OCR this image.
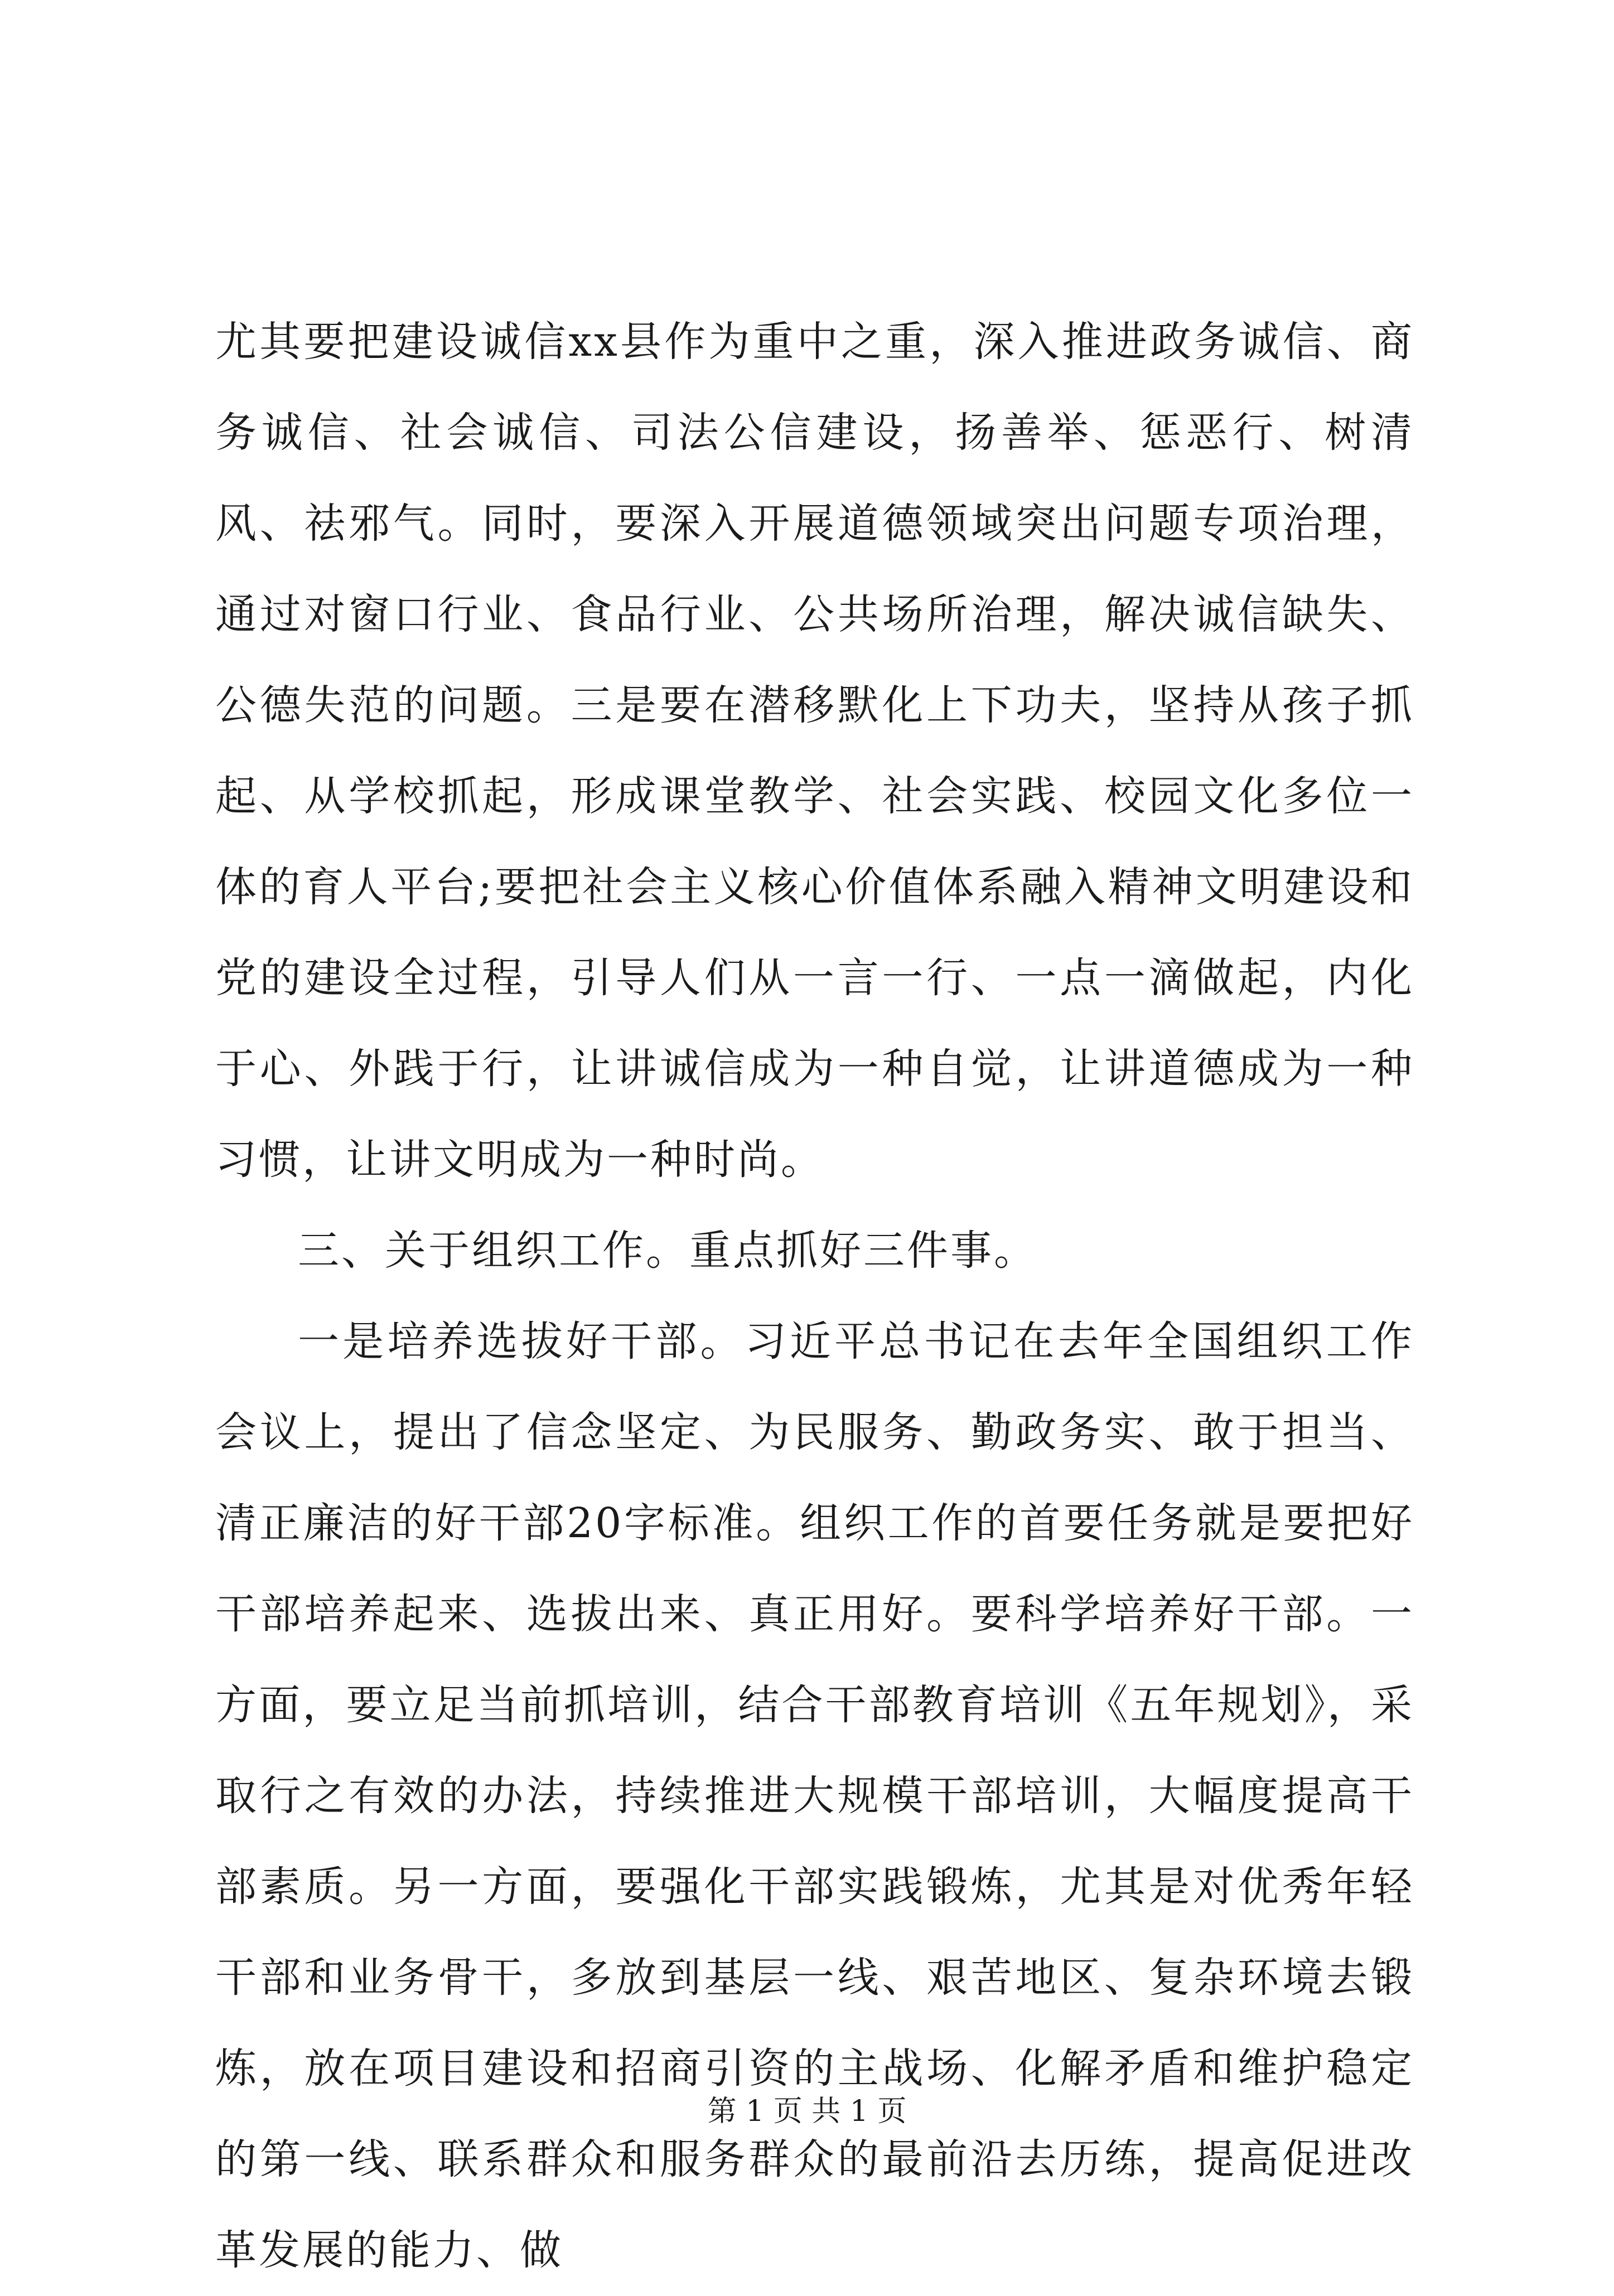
尤其要把建设诚信xx县作为重中之重，深入推进政务诚信、商务诚信、社会诚信、司法公信建设，扬善举、惩恶行、树清风、祛邪气。同时，要深入开展道德领域突出问题专项治理，通过对窗口行业、食品行业、公共场所治理，解决诚信缺失、公德失范的问题。三是要在潜移默化上下功夫，坚持从孩子抓起、从学校抓起，形成课堂教学、社会实践、校园文化多位一体的育人平台;要把社会主义核心价值体系融入精神文明建设和党的建设全过程，引导人们从一言一行、一点一滴做起，内化于心、外践于行，让讲诚信成为一种自觉，让讲道德成为一种习惯，让讲文明成为一种时尚。

三、关于组织工作。重点抓好三件事。

一是培养选拔好干部。习近平总书记在去年全国组织工作会议上，提出了信念坚定、为民服务、勤政务实、敢于担当、清正廉洁的好干部20字标准。组织工作的首要任务就是要把好干部培养起来、选拔出来、真正用好。要科学培养好干部。一方面，要立足当前抓培训，结合干部教育培训《五年规划》，采取行之有效的办法，持续推进大规模干部培训，大幅度提高干部素质。另一方面，要强化干部实践锻炼，尤其是对优秀年轻干部和业务骨干，多放到基层一线、艰苦地区、复杂环境去锻炼，放在项目建设和招商引资的主战场、化解矛盾和维护稳定的第一线、联系群众和服务群众的最前沿去历练，提高促进改革发展的能力、做

第 1 页 共 1 页
